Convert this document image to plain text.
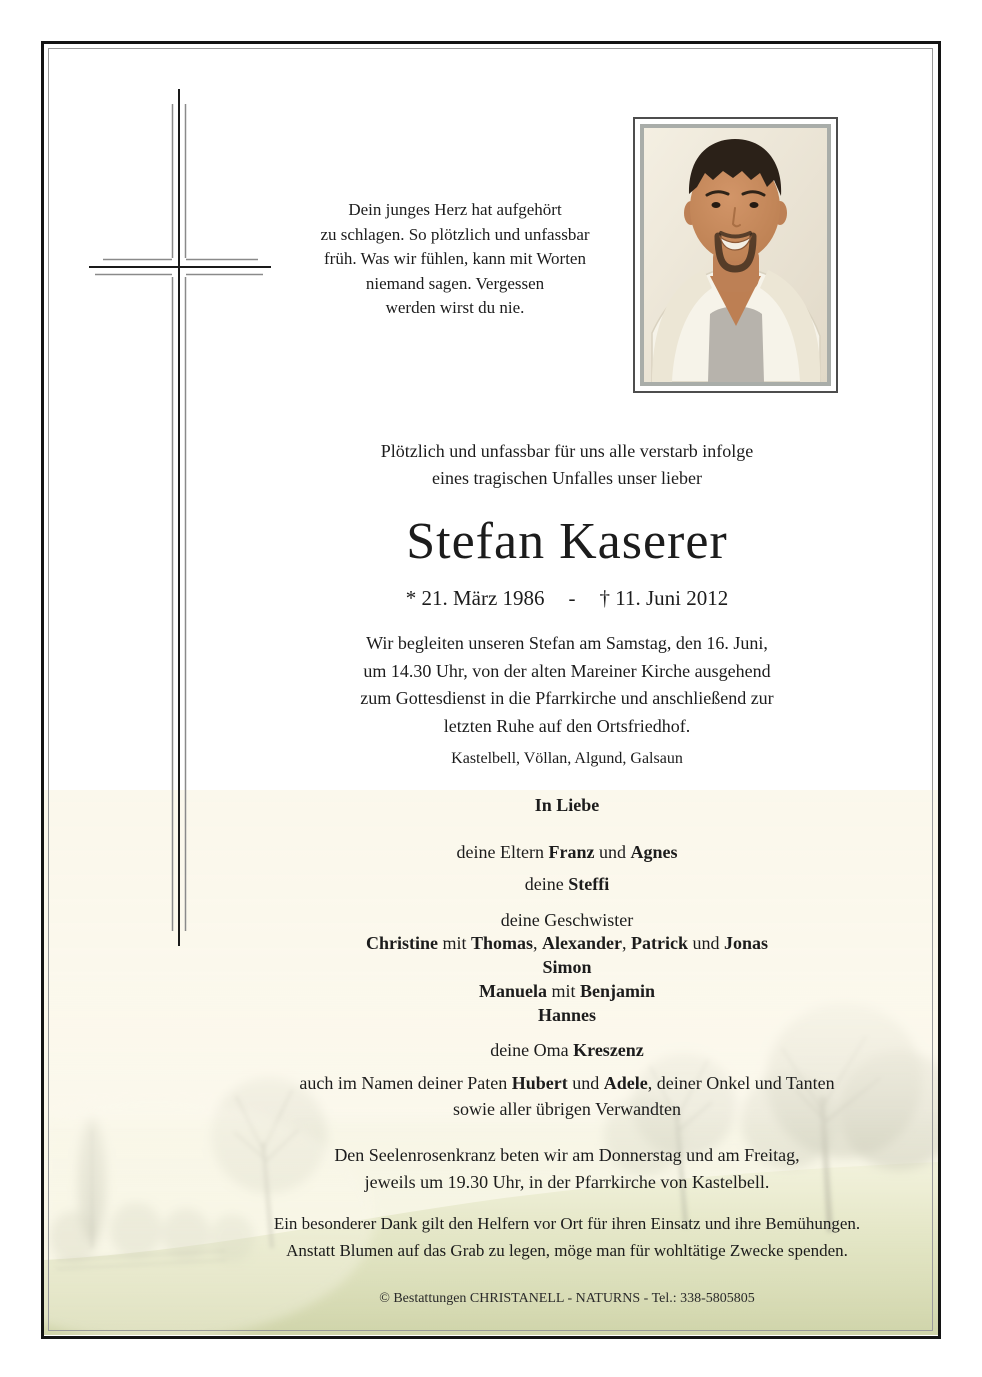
Dein junges Herz hat aufgehört
zu schlagen. So plötzlich und unfassbar
früh. Was wir fühlen, kann mit Worten
niemand sagen. Vergessen
werden wirst du nie.
Plötzlich und unfassbar für uns alle verstarb infolge
eines tragischen Unfalles unser lieber
Stefan Kaserer
* 21. März 1986 - † 11. Juni 2012
Wir begleiten unseren Stefan am Samstag, den 16. Juni,
um 14.30 Uhr, von der alten Mareiner Kirche ausgehend
zum Gottesdienst in die Pfarrkirche und anschließend zur
letzten Ruhe auf den Ortsfriedhof.
Kastelbell, Völlan, Algund, Galsaun
In Liebe
deine Eltern Franz und Agnes
deine Steffi
deine Geschwister
Christine mit Thomas, Alexander, Patrick und Jonas
Simon
Manuela mit Benjamin
Hannes
deine Oma Kreszenz
auch im Namen deiner Paten Hubert und Adele, deiner Onkel und Tanten
sowie aller übrigen Verwandten
Den Seelenrosenkranz beten wir am Donnerstag und am Freitag,
jeweils um 19.30 Uhr, in der Pfarrkirche von Kastelbell.
Ein besonderer Dank gilt den Helfern vor Ort für ihren Einsatz und ihre Bemühungen.
Anstatt Blumen auf das Grab zu legen, möge man für wohltätige Zwecke spenden.
© Bestattungen CHRISTANELL - NATURNS - Tel.: 338-5805805
